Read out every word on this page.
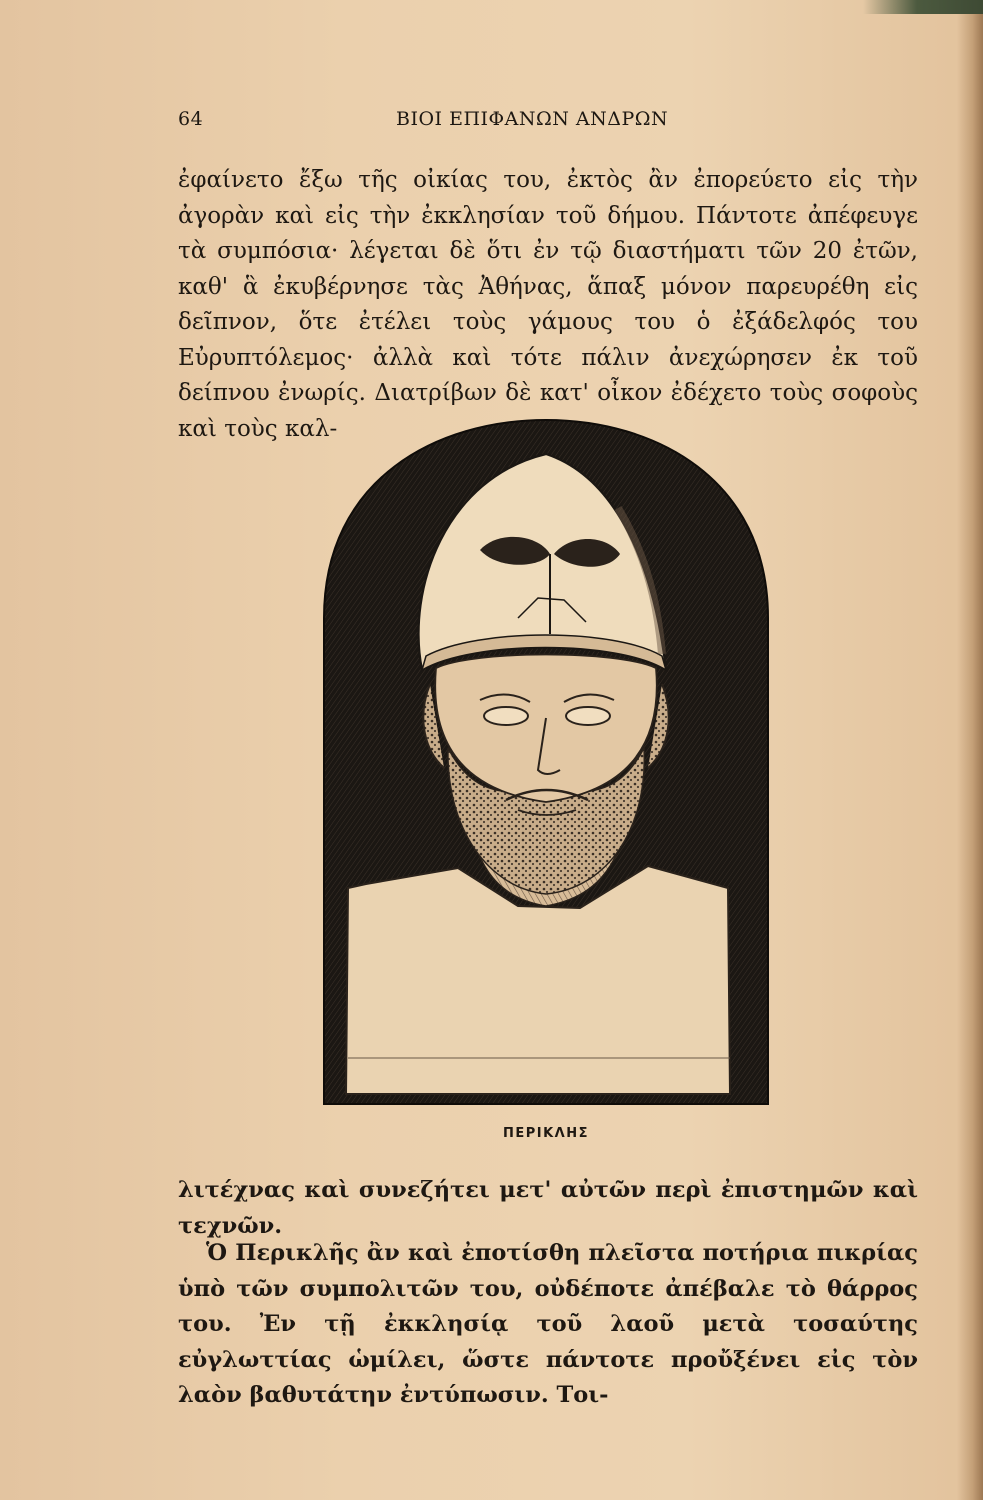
64	ΒΙΟΙ ΕΠΙΦΑΝΩΝ ΑΝΔΡΩΝ

ἐφαίνετο ἔξω τῆς οἰκίας του, ἐκτὸς ἂν ἐπορεύετο εἰς τὴν ἀγορὰν καὶ εἰς τὴν ἐκκλησίαν τοῦ δήμου. Πάντοτε ἀπέφευγε τὰ συμπόσια· λέγεται δὲ ὅτι ἐν τῷ διαστήματι τῶν 20 ἐτῶν, καθ' ἃ ἐκυβέρνησε τὰς Ἀθήνας, ἅπαξ μόνον παρευρέθη εἰς δεῖπνον, ὅτε ἐτέλει τοὺς γάμους του ὁ ἐξάδελφός του Εὐρυπτόλεμος· ἀλλὰ καὶ τότε πάλιν ἀνεχώρησεν ἐκ τοῦ δείπνου ἐνωρίς. Διατρίβων δὲ κατ' οἶκον ἐδέχετο τοὺς σοφοὺς καὶ τοὺς καλ-

ΠΕΡΙΚΛΗΣ

λιτέχνας καὶ συνεζήτει μετ' αὐτῶν περὶ ἐπιστημῶν καὶ τεχνῶν.

Ὁ Περικλῆς ἂν καὶ ἐποτίσθη πλεῖστα ποτήρια πικρίας ὑπὸ τῶν συμπολιτῶν του, οὐδέποτε ἀπέβαλε τὸ θάρρος του. Ἐν τῇ ἐκκλησίᾳ τοῦ λαοῦ μετὰ τοσαύτης εὐγλωττίας ὡμίλει, ὥστε πάντοτε προὔξένει εἰς τὸν λαὸν βαθυτάτην ἐντύπωσιν. Τοι-
